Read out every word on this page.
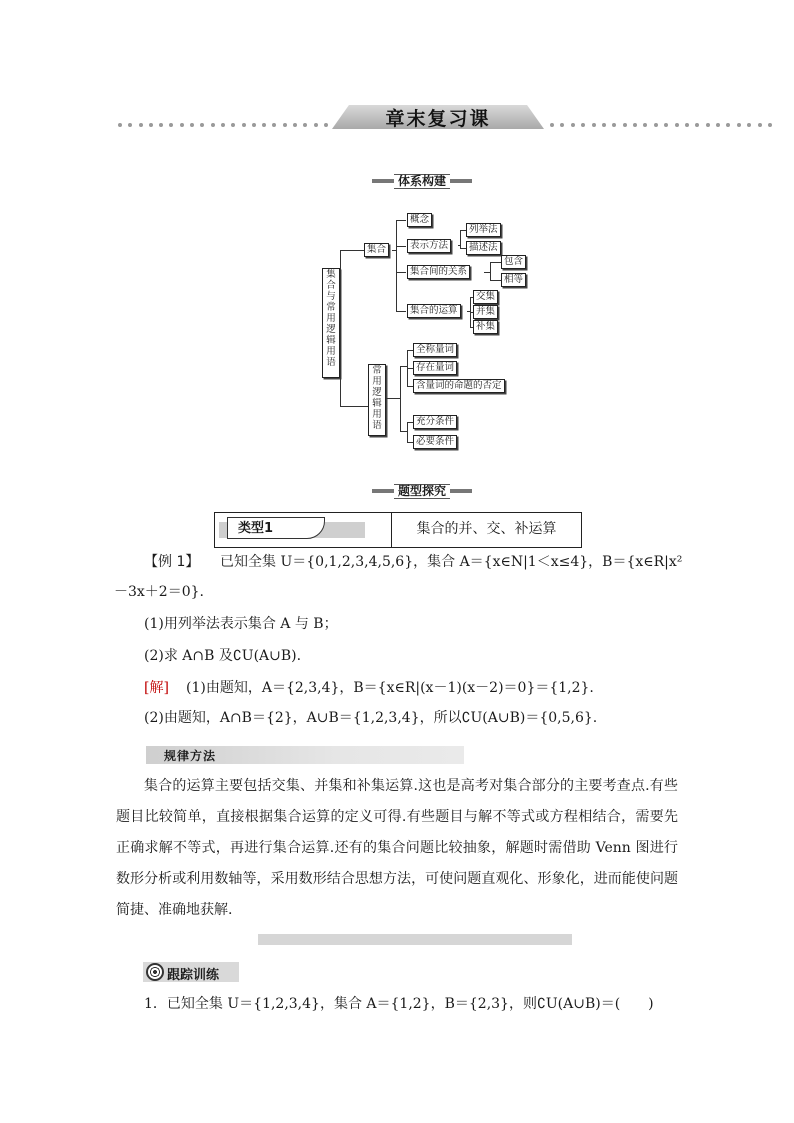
章末复习课
体系构建
集
合
与
常
用
逻
辑
用
语
集合
概念
表示方法
列举法
描述法
集合间的关系
包含
相等
集合的运算
交集
并集
补集
常
用
逻
辑
用
语
全称量词
存在量词
含量词的命题的否定
充分条件
必要条件
题型探究
类型1	集合的并、交、补运算
【例 1】 已知全集 U＝{0,1,2,3,4,5,6}，集合 A＝{x∈N|1＜x≤4}，B＝{x∈R|x²
－3x＋2＝0}.
(1)用列举法表示集合 A 与 B；
(2)求 A∩B 及∁U(A∪B).
[解] (1)由题知，A＝{2,3,4}，B＝{x∈R|(x－1)(x－2)＝0}＝{1,2}.
(2)由题知，A∩B＝{2}，A∪B＝{1,2,3,4}，所以∁U(A∪B)＝{0,5,6}.
规律方法
集合的运算主要包括交集、并集和补集运算.这也是高考对集合部分的主要考查点.有些题目比较简单，直接根据集合运算的定义可得.有些题目与解不等式或方程相结合，需要先正确求解不等式，再进行集合运算.还有的集合问题比较抽象，解题时需借助 Venn 图进行数形分析或利用数轴等，采用数形结合思想方法，可使问题直观化、形象化，进而能使问题简捷、准确地获解.
跟踪训练
1．已知全集 U＝{1,2,3,4}，集合 A＝{1,2}，B＝{2,3}，则∁U(A∪B)＝(　　)
